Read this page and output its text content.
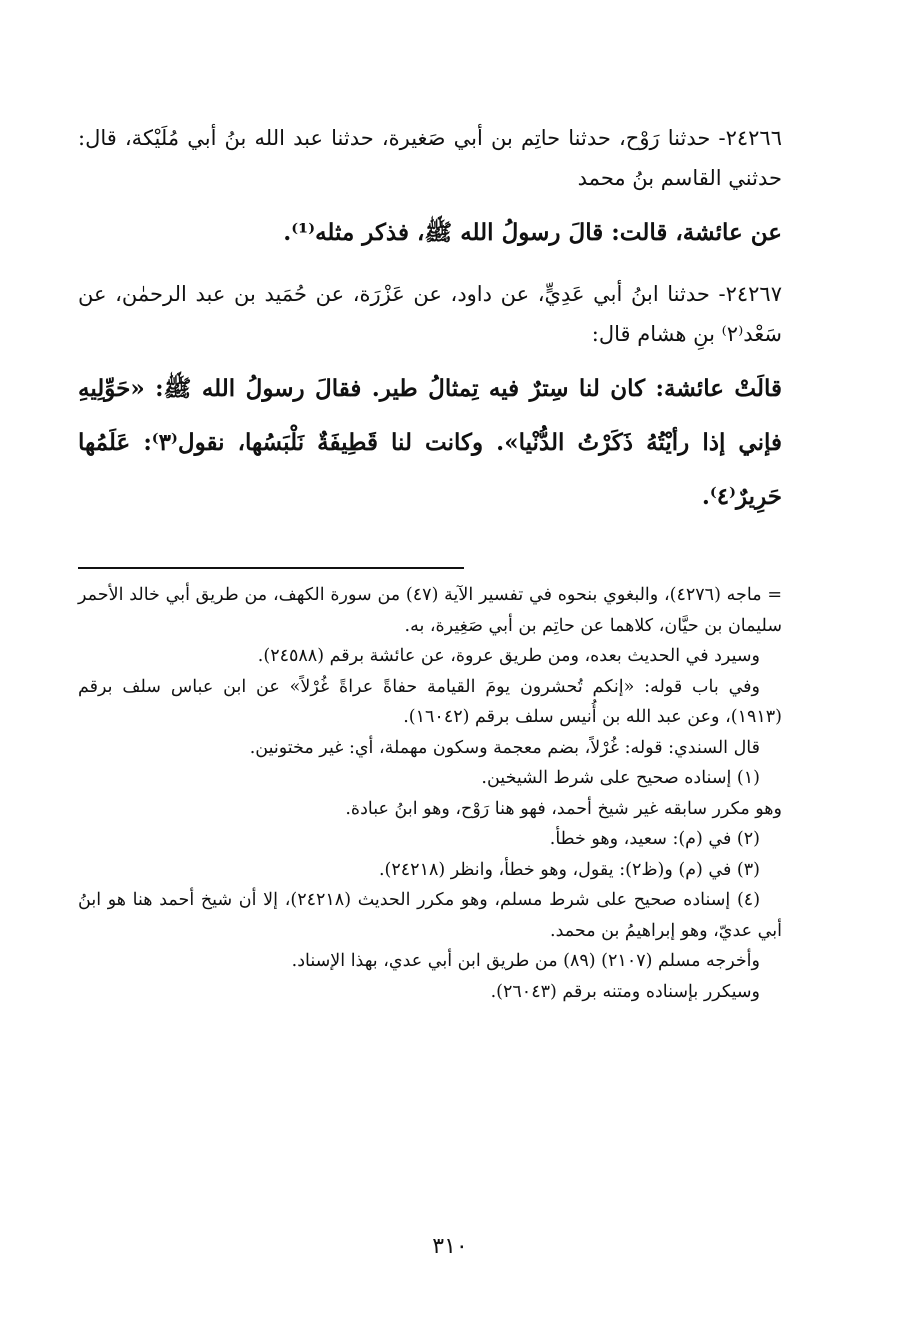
٢٤٢٦٦- حدثنا رَوْح، حدثنا حاتِم بن أبي صَغيرة، حدثنا عبد الله بنُ أبي مُلَيْكة، قال: حدثني القاسم بنُ محمد

عن عائشة، قالت: قالَ رسولُ الله ﷺ، فذكر مثله⁽¹⁾.

٢٤٢٦٧- حدثنا ابنُ أبي عَدِيٍّ، عن داود، عن عَزْرَة، عن حُمَيد بن عبد الرحمٰن، عن سَعْد⁽٢⁾ بنِ هشام قال:

قالَتْ عائشة: كان لنا سِترٌ فيه تِمثالُ طير. فقالَ رسولُ الله ﷺ: «حَوِّلِيهِ فإني إذا رأيْتُهُ ذَكَرْتُ الدُّنْيا». وكانت لنا قَطِيفَةٌ نَلْبَسُها، نقول⁽٣⁾: عَلَمُها حَرِيرٌ⁽٤⁾.

= ماجه (٤٢٧٦)، والبغوي بنحوه في تفسير الآية (٤٧) من سورة الكهف، من طريق أبي خالد الأحمر سليمان بن حيَّان، كلاهما عن حاتِم بن أبي صَغِيرة، به.

وسيرد في الحديث بعده، ومن طريق عروة، عن عائشة برقم (٢٤٥٨٨).

وفي باب قوله: «إنكم تُحشرون يومَ القيامة حفاةً عراةً غُرْلاً» عن ابن عباس سلف برقم (١٩١٣)، وعن عبد الله بن أُنيس سلف برقم (١٦٠٤٢).

قال السندي: قوله: غُرْلاً، بضم معجمة وسكون مهملة، أي: غير مختونين.

(١) إسناده صحيح على شرط الشيخين.

وهو مكرر سابقه غير شيخ أحمد، فهو هنا رَوْح، وهو ابنُ عبادة.

(٢) في (م): سعيد، وهو خطأ.

(٣) في (م) و(ظ٢): يقول، وهو خطأ، وانظر (٢٤٢١٨).

(٤) إسناده صحيح على شرط مسلم، وهو مكرر الحديث (٢٤٢١٨)، إلا أن شيخ أحمد هنا هو ابنُ أبي عديّ، وهو إبراهيمُ بن محمد.

وأخرجه مسلم (٢١٠٧) (٨٩) من طريق ابن أبي عدي، بهذا الإسناد.

وسيكرر بإسناده ومتنه برقم (٢٦٠٤٣).

٣١٠
